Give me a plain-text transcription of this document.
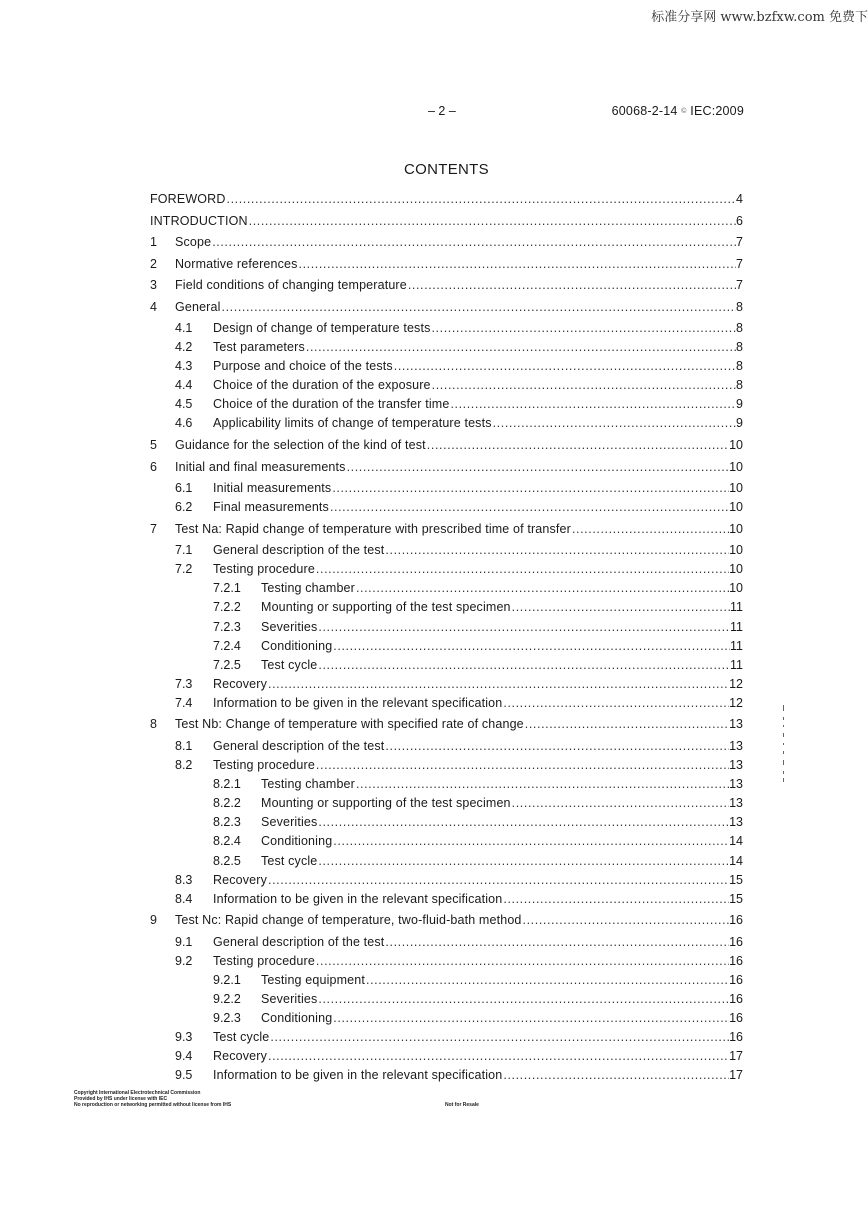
标准分享网 www.bzfxw.com 免费下
– 2 –	60068-2-14 © IEC:2009
CONTENTS
FOREWORD .....	4
INTRODUCTION .....	6
1 Scope .....	7
2 Normative references .....	7
3 Field conditions of changing temperature .....	7
4 General .....	8
4.1 Design of change of temperature tests .....	8
4.2 Test parameters .....	8
4.3 Purpose and choice of the tests .....	8
4.4 Choice of the duration of the exposure .....	8
4.5 Choice of the duration of the transfer time .....	9
4.6 Applicability limits of change of temperature tests .....	9
5 Guidance for the selection of the kind of test .....	10
6 Initial and final measurements .....	10
6.1 Initial measurements .....	10
6.2 Final measurements .....	10
7 Test Na: Rapid change of temperature with prescribed time of transfer .....	10
7.1 General description of the test .....	10
7.2 Testing procedure .....	10
7.2.1 Testing chamber .....	10
7.2.2 Mounting or supporting of the test specimen .....	11
7.2.3 Severities .....	11
7.2.4 Conditioning .....	11
7.2.5 Test cycle .....	11
7.3 Recovery .....	12
7.4 Information to be given in the relevant specification .....	12
8 Test Nb: Change of temperature with specified rate of change .....	13
8.1 General description of the test .....	13
8.2 Testing procedure .....	13
8.2.1 Testing chamber .....	13
8.2.2 Mounting or supporting of the test specimen .....	13
8.2.3 Severities .....	13
8.2.4 Conditioning .....	14
8.2.5 Test cycle .....	14
8.3 Recovery .....	15
8.4 Information to be given in the relevant specification .....	15
9 Test Nc: Rapid change of temperature, two-fluid-bath method .....	16
9.1 General description of the test .....	16
9.2 Testing procedure .....	16
9.2.1 Testing equipment .....	16
9.2.2 Severities .....	16
9.2.3 Conditioning .....	16
9.3 Test cycle .....	16
9.4 Recovery .....	17
9.5 Information to be given in the relevant specification .....	17
Copyright International Electrotechnical Commission
Provided by IHS under license with IEC
No reproduction or networking permitted without license from IHS	Not for Resale
